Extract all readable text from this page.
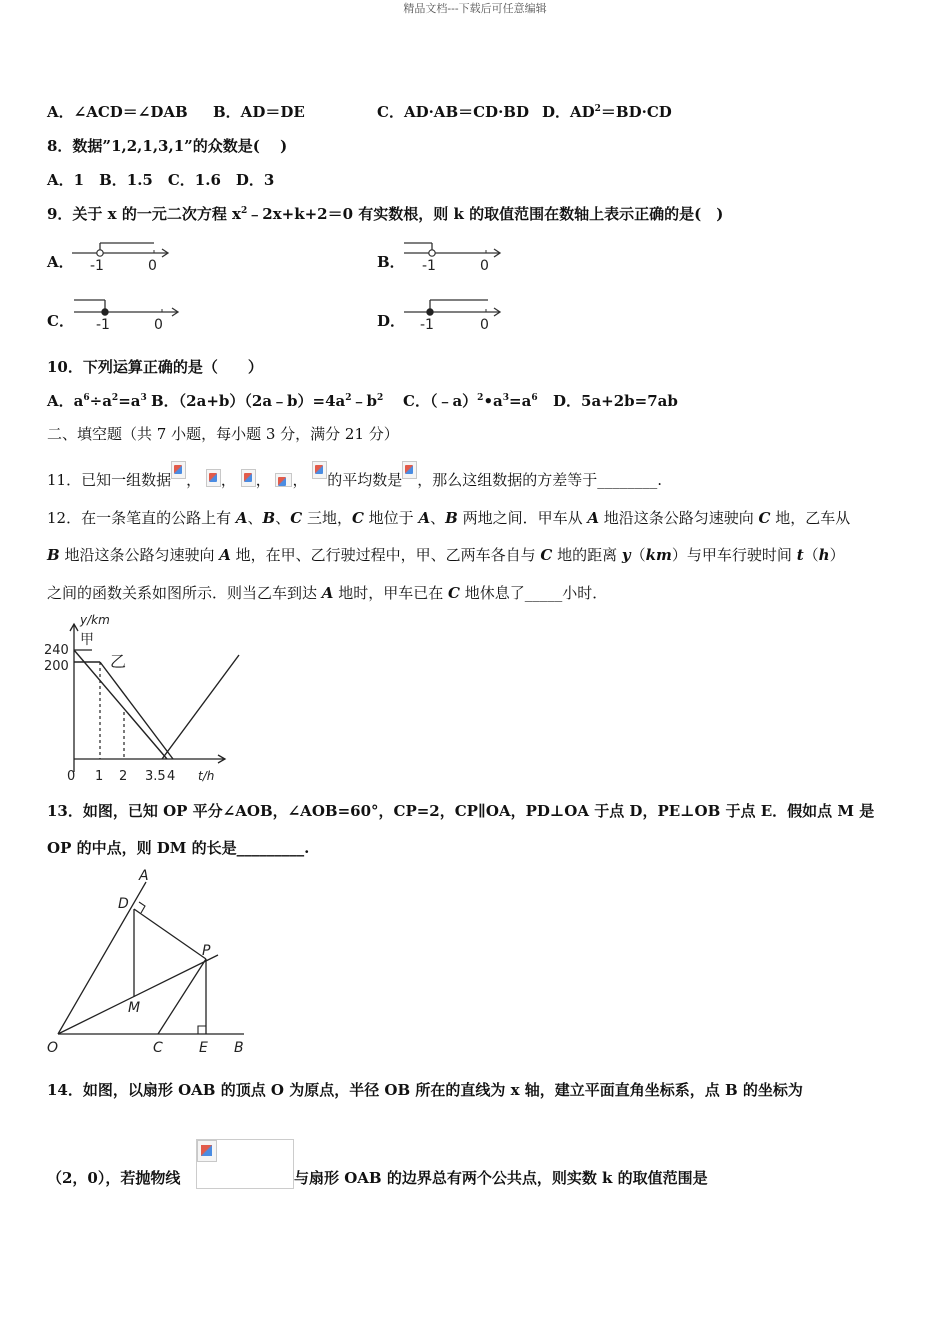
精品文档---下载后可任意编辑
A．∠ACD＝∠DAB B．AD＝DE	C．AD·AB＝CD·BD D．$AD^2=BD\cdot CD$
8．数据”1,2,1,3,1”的众数是(　 )
A．1　B．1.5　C．1.6　D．3
9．关于 x 的一元二次方程 $x^2﹣2x+k+2=0$ 有实数根，则 k 的取值范围在数轴上表示正确的是(　)
A． -1	0	B． -1	0
C． -1	0	D． -1	0
10．下列运算正确的是（　　）
A．$a^6\div a^2=a^3$ B．$(2a+b)(2a﹣b)=4a^2﹣b^2$ C．$(﹣a)^2•a^3=a^6$ D．5a+2b=7ab
二、填空题（共 7 小题，每小题 3 分，满分 21 分）
11．已知一组数据 ， ， ， ， 的平均数是 ，那么这组数据的方差等于________.
12．在一条笔直的公路上有 A、B、C 三地，C 地位于 A、B 两地之间．甲车从 A 地沿这条公路匀速驶向 C 地，乙车从
B 地沿这条公路匀速驶向 A 地，在甲、乙行驶过程中，甲、乙两车各自与 C 地的距离 y（km）与甲车行驶时间 t（h）
之间的函数关系如图所示．则当乙车到达 A 地时，甲车已在 C 地休息了_____小时．
y/km
甲
乙
240
200
0 1 2 3.5 4 t/h
13．如图，已知 OP 平分∠AOB，∠AOB=60°，CP=2，CP∥OA，PD⊥OA 于点 D，PE⊥OB 于点 E．假如点 M 是
OP 的中点，则 DM 的长是_________.
A
D
P
M
O	C	E B
14．如图，以扇形 OAB 的顶点 O 为原点，半径 OB 所在的直线为 x 轴，建立平面直角坐标系，点 B 的坐标为
（2，0），若抛物线	与扇形 OAB 的边界总有两个公共点，则实数 k 的取值范围是
